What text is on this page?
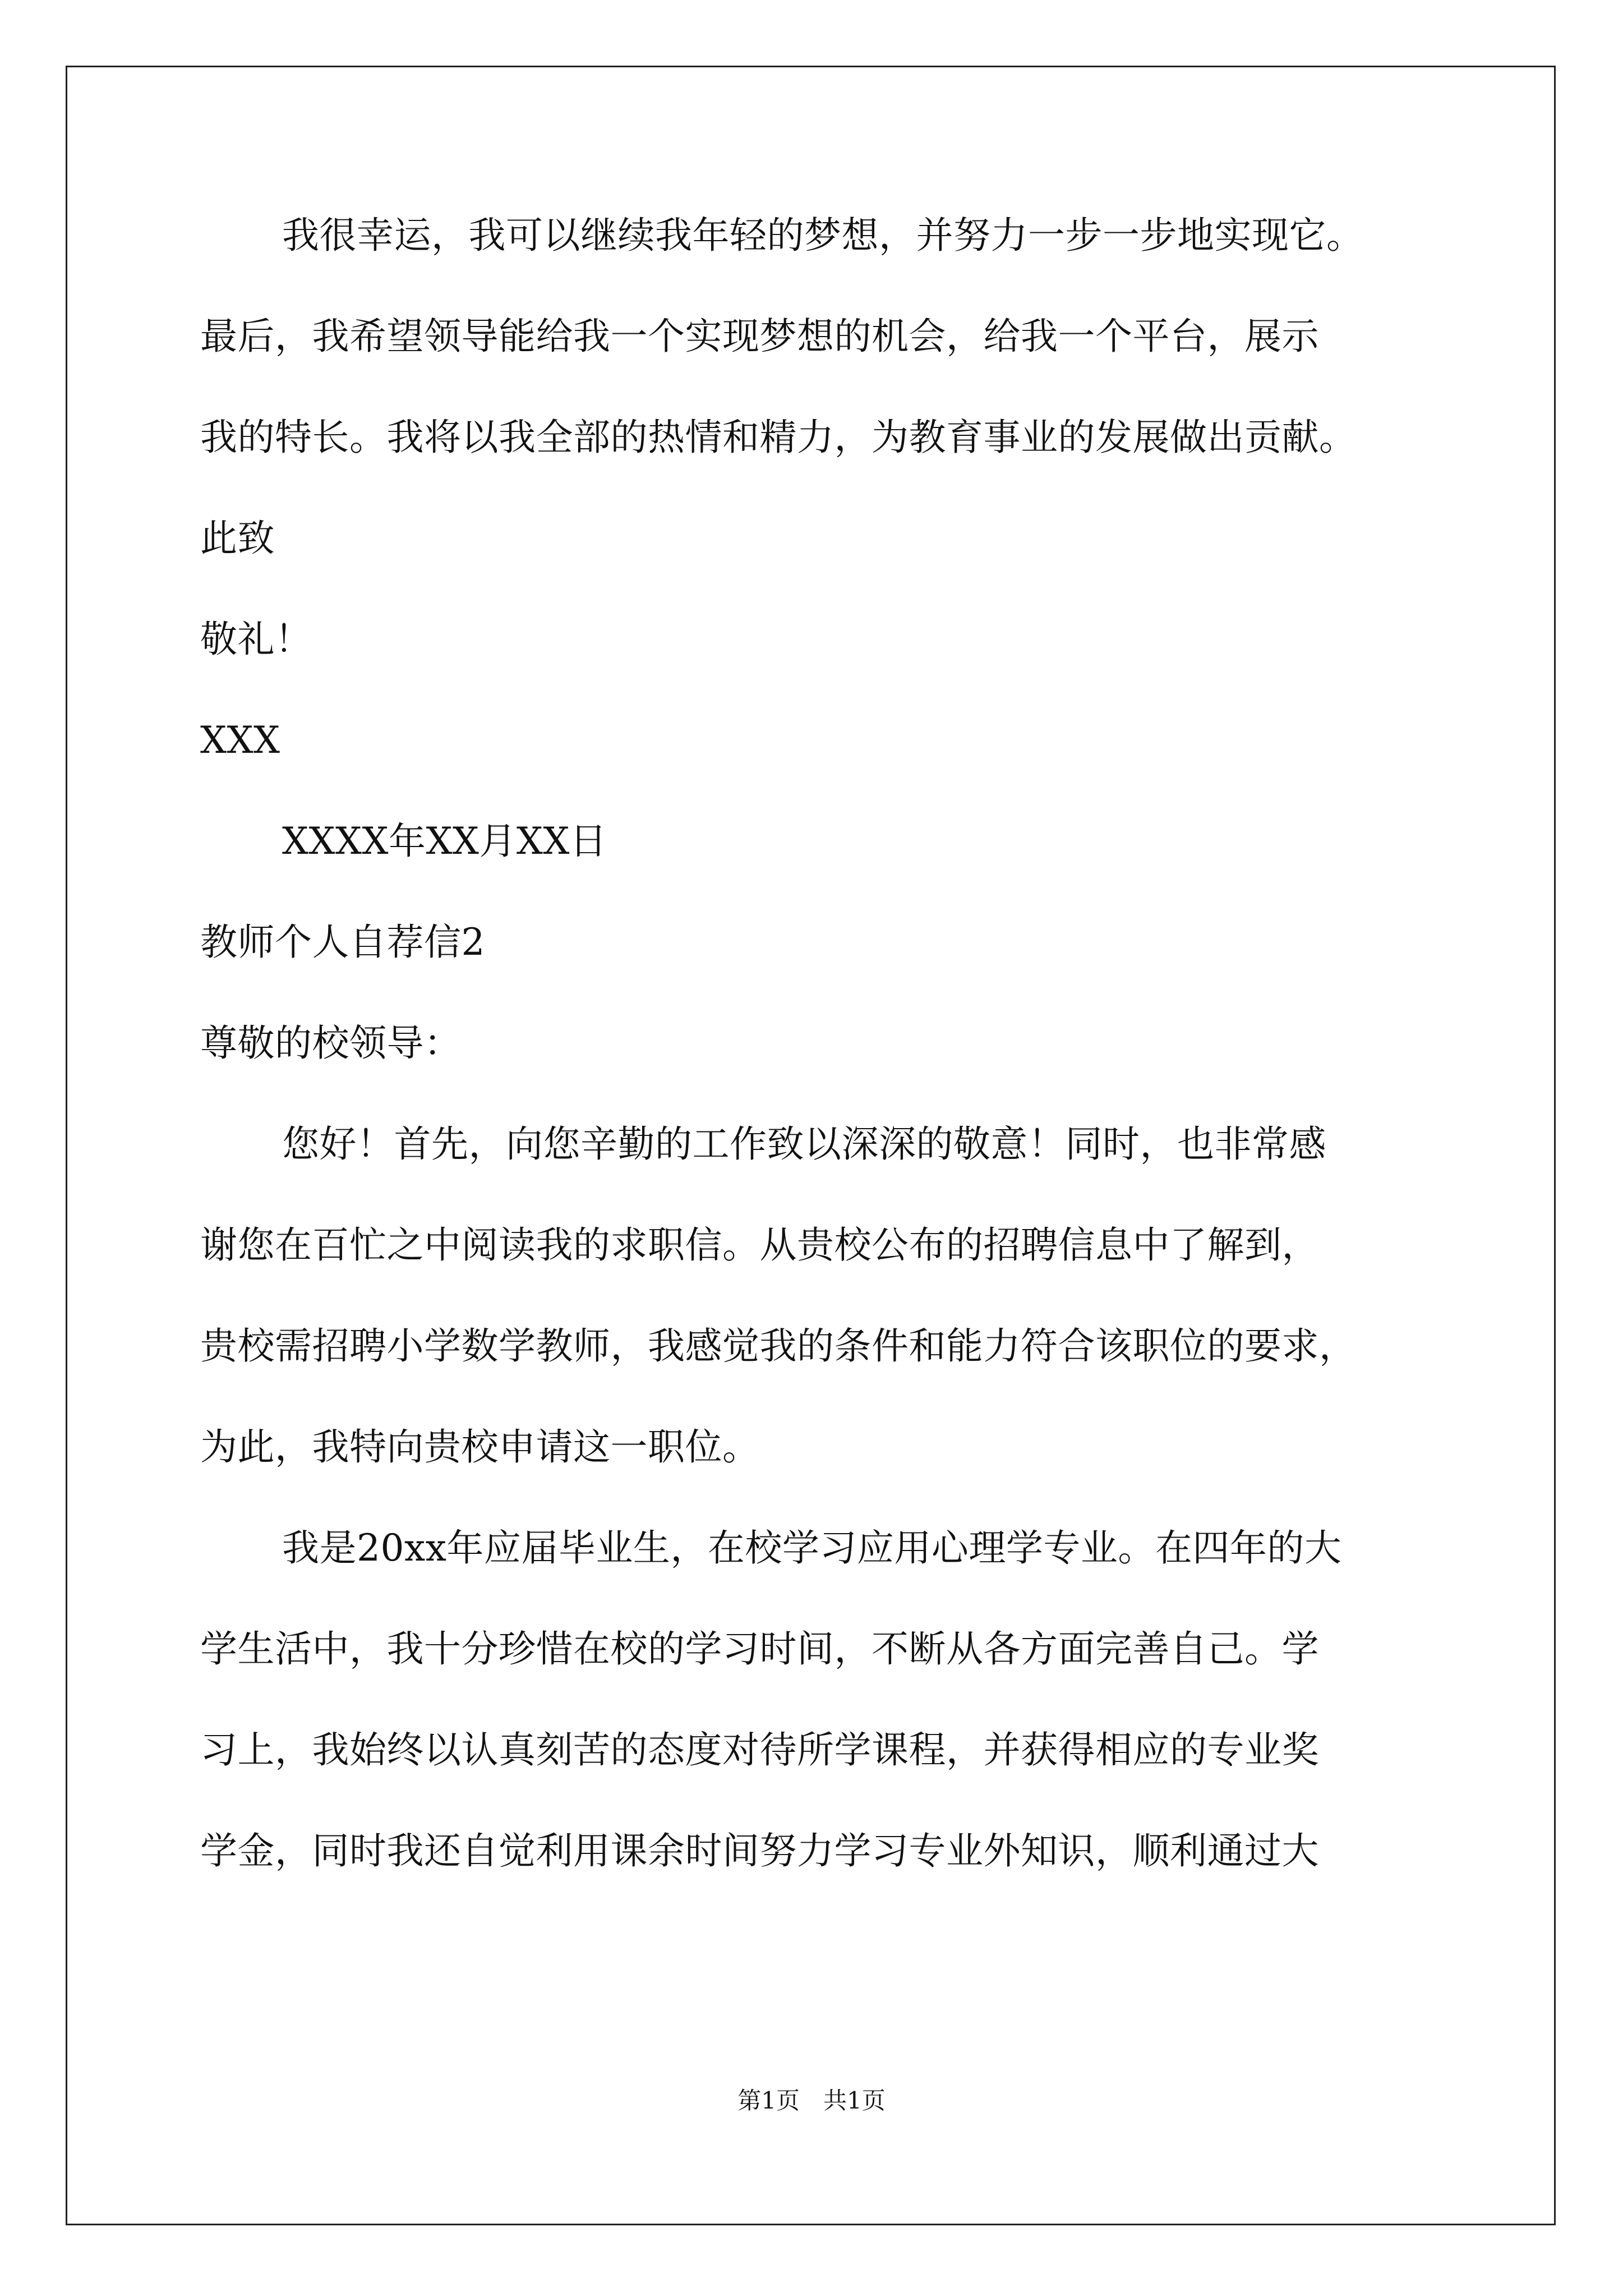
我很幸运，我可以继续我年轻的梦想，并努力一步一步地实现它。
最后，我希望领导能给我一个实现梦想的机会，给我一个平台，展示
我的特长。我将以我全部的热情和精力，为教育事业的发展做出贡献。
此致
敬礼！
XXX
XXXX年XX月XX日
教师个人自荐信2
尊敬的校领导：
您好！首先，向您辛勤的工作致以深深的敬意！同时，也非常感
谢您在百忙之中阅读我的求职信。从贵校公布的招聘信息中了解到，
贵校需招聘小学数学教师，我感觉我的条件和能力符合该职位的要求，
为此，我特向贵校申请这一职位。
我是20xx年应届毕业生，在校学习应用心理学专业。在四年的大
学生活中，我十分珍惜在校的学习时间，不断从各方面完善自己。学
习上，我始终以认真刻苦的态度对待所学课程，并获得相应的专业奖
学金，同时我还自觉利用课余时间努力学习专业外知识，顺利通过大
第1页　共1页
